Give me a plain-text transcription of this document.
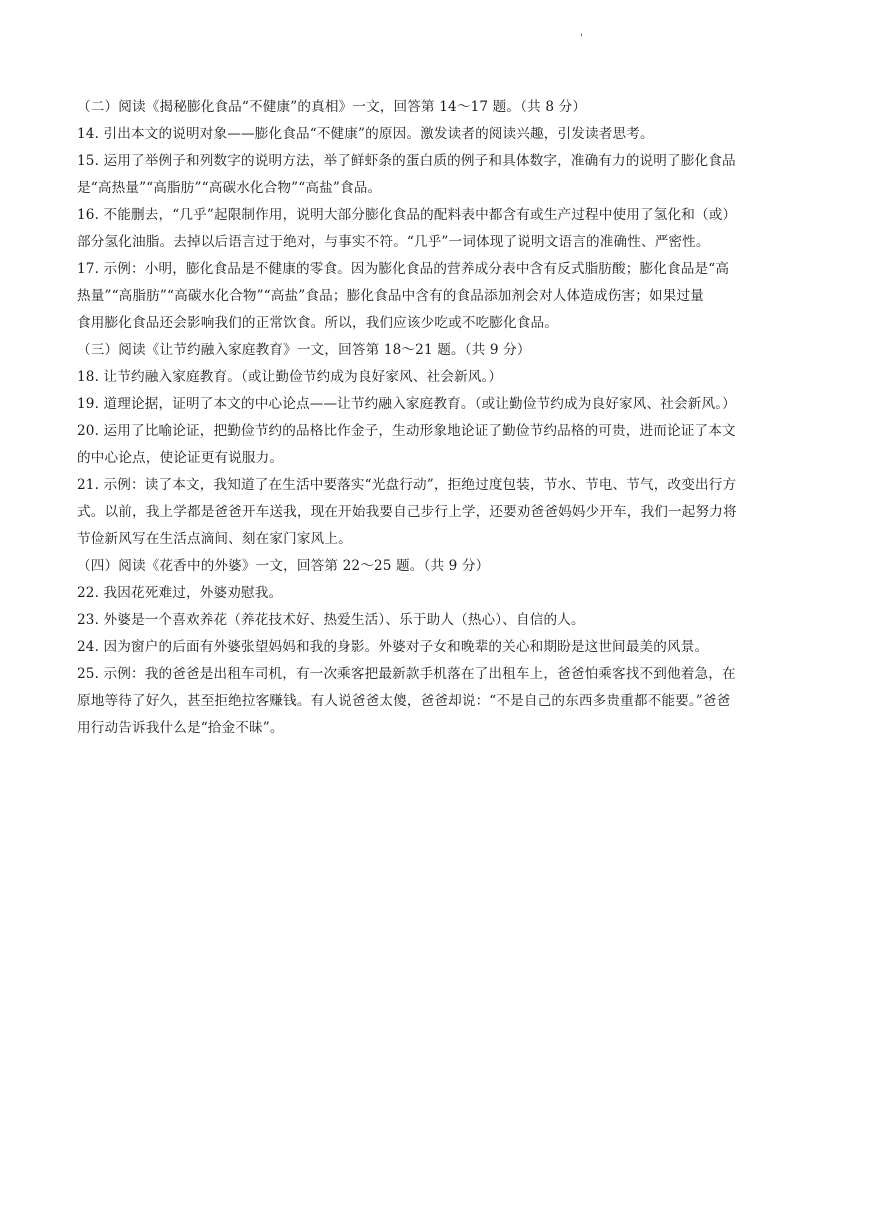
'
（二）阅读《揭秘膨化食品“不健康”的真相》一文，回答第 14～17 题。（共 8 分）
14. 引出本文的说明对象——膨化食品“不健康”的原因。激发读者的阅读兴趣，引发读者思考。
15. 运用了举例子和列数字的说明方法，举了鲜虾条的蛋白质的例子和具体数字，准确有力的说明了膨化食品
是“高热量”“高脂肪”“高碳水化合物”“高盐”食品。
16. 不能删去，“几乎”起限制作用，说明大部分膨化食品的配料表中都含有或生产过程中使用了氢化和（或）
部分氢化油脂。去掉以后语言过于绝对，与事实不符。“几乎”一词体现了说明文语言的准确性、严密性。
17. 示例：小明，膨化食品是不健康的零食。因为膨化食品的营养成分表中含有反式脂肪酸；膨化食品是“高
热量”“高脂肪”“高碳水化合物”“高盐”食品；膨化食品中含有的食品添加剂会对人体造成伤害；如果过量
食用膨化食品还会影响我们的正常饮食。所以，我们应该少吃或不吃膨化食品。
（三）阅读《让节约融入家庭教育》一文，回答第 18～21 题。（共 9 分）
18. 让节约融入家庭教育。（或让勤俭节约成为良好家风、社会新风。）
19. 道理论据，证明了本文的中心论点——让节约融入家庭教育。（或让勤俭节约成为良好家风、社会新风。）
20. 运用了比喻论证，把勤俭节约的品格比作金子，生动形象地论证了勤俭节约品格的可贵，进而论证了本文
的中心论点，使论证更有说服力。
21. 示例：读了本文，我知道了在生活中要落实“光盘行动”，拒绝过度包装，节水、节电、节气，改变出行方
式。以前，我上学都是爸爸开车送我，现在开始我要自己步行上学，还要劝爸爸妈妈少开车，我们一起努力将
节俭新风写在生活点滴间、刻在家门家风上。
（四）阅读《花香中的外婆》一文，回答第 22～25 题。（共 9 分）
22. 我因花死难过，外婆劝慰我。
23. 外婆是一个喜欢养花（养花技术好、热爱生活）、乐于助人（热心）、自信的人。
24. 因为窗户的后面有外婆张望妈妈和我的身影。外婆对子女和晚辈的关心和期盼是这世间最美的风景。
25. 示例：我的爸爸是出租车司机，有一次乘客把最新款手机落在了出租车上，爸爸怕乘客找不到他着急，在
原地等待了好久，甚至拒绝拉客赚钱。有人说爸爸太傻，爸爸却说：“不是自己的东西多贵重都不能要。”爸爸
用行动告诉我什么是“拾金不昧”。
